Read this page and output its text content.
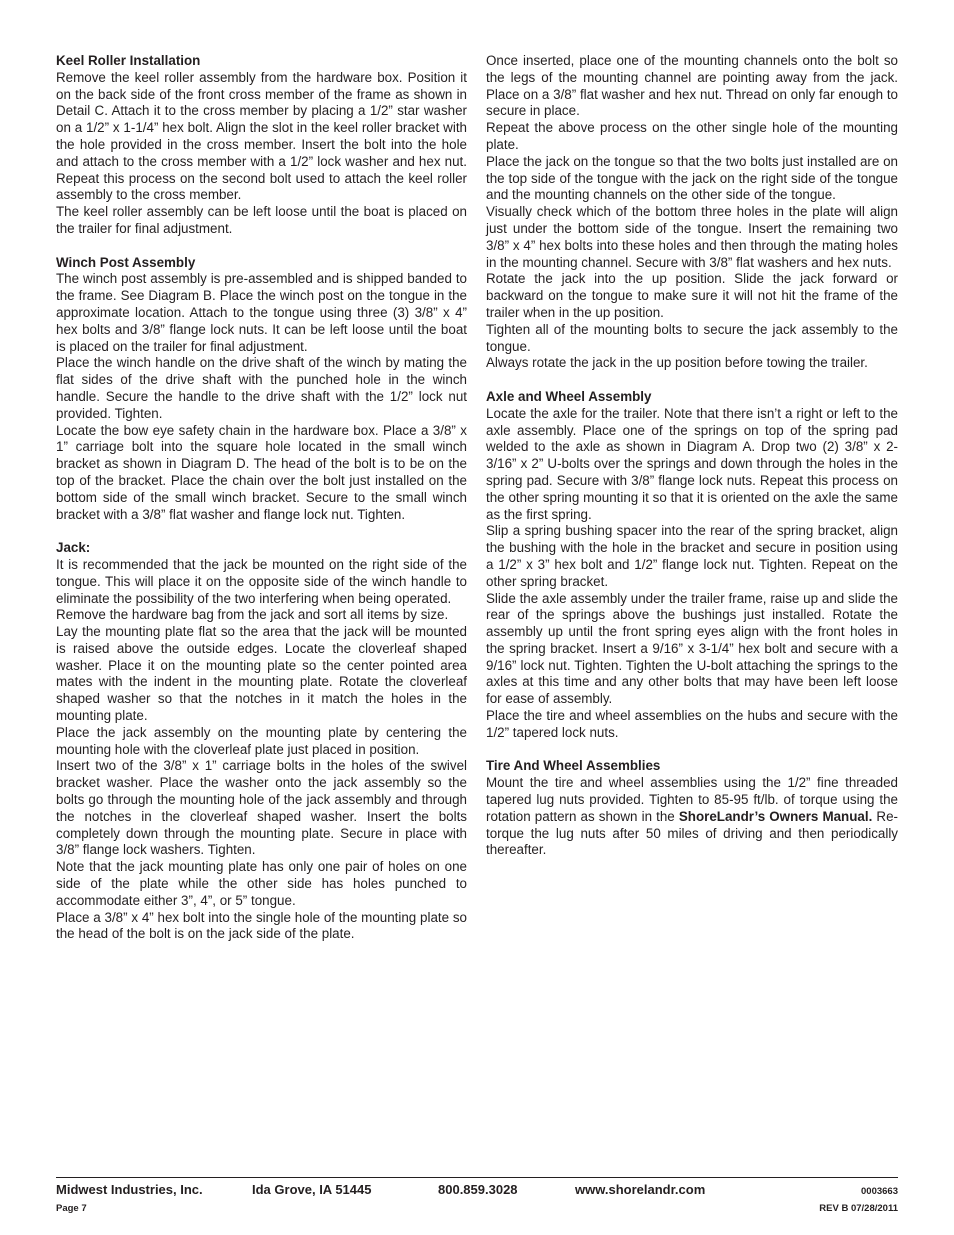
Keel Roller Installation

Remove the keel roller assembly from the hardware box. Position it on the back side of the front cross member of the frame as shown in Detail C. Attach it to the cross member by placing a 1/2” star washer on a 1/2” x 1-1/4” hex bolt. Align the slot in the keel roller bracket with the hole provided in the cross member. Insert the bolt into the hole and attach to the cross member with a 1/2” lock washer and hex nut. Repeat this process on the second bolt used to attach the keel roller assembly to the cross member.

The keel roller assembly can be left loose until the boat is placed on the trailer for final adjustment.

Winch Post Assembly

The winch post assembly is pre-assembled and is shipped banded to the frame. See Diagram B. Place the winch post on the tongue in the approximate location. Attach to the tongue using three (3) 3/8” x 4” hex bolts and 3/8” flange lock nuts. It can be left loose until the boat is placed on the trailer for final adjustment.

Place the winch handle on the drive shaft of the winch by mating the flat sides of the drive shaft with the punched hole in the winch handle. Secure the handle to the drive shaft with the 1/2” lock nut provided. Tighten.

Locate the bow eye safety chain in the hardware box. Place a 3/8” x 1” carriage bolt into the square hole located in the small winch bracket as shown in Diagram D. The head of the bolt is to be on the top of the bracket. Place the chain over the bolt just installed on the bottom side of the small winch bracket. Secure to the small winch bracket with a 3/8” flat washer and flange lock nut. Tighten.

Jack:

It is recommended that the jack be mounted on the right side of the tongue. This will place it on the opposite side of the winch handle to eliminate the possibility of the two interfering when being operated.

Remove the hardware bag from the jack and sort all items by size.

Lay the mounting plate flat so the area that the jack will be mounted is raised above the outside edges. Locate the cloverleaf shaped washer. Place it on the mounting plate so the center pointed area mates with the indent in the mounting plate. Rotate the cloverleaf shaped washer so that the notches in it match the holes in the mounting plate.

Place the jack assembly on the mounting plate by centering the mounting hole with the cloverleaf plate just placed in position.

Insert two of the 3/8” x 1” carriage bolts in the holes of the swivel bracket washer. Place the washer onto the jack assembly so the bolts go through the mounting hole of the jack assembly and through the notches in the cloverleaf shaped washer. Insert the bolts completely down through the mounting plate. Secure in place with 3/8” flange lock washers. Tighten.

Note that the jack mounting plate has only one pair of holes on one side of the plate while the other side has holes punched to accommodate either 3”, 4”, or 5” tongue.

Place a 3/8” x 4” hex bolt into the single hole of the mounting plate so the head of the bolt is on the jack side of the plate.

Once inserted, place one of the mounting channels onto the bolt so the legs of the mounting channel are pointing away from the jack. Place on a 3/8” flat washer and hex nut. Thread on only far enough to secure in place.

Repeat the above process on the other single hole of the mounting plate.

Place the jack on the tongue so that the two bolts just installed are on the top side of the tongue with the jack on the right side of the tongue and the mounting channels on the other side of the tongue.

Visually check which of the bottom three holes in the plate will align just under the bottom side of the tongue. Insert the remaining two 3/8” x 4” hex bolts into these holes and then through the mating holes in the mounting channel. Secure with 3/8” flat washers and hex nuts.

Rotate the jack into the up position. Slide the jack forward or backward on the tongue to make sure it will not hit the frame of the trailer when in the up position.

Tighten all of the mounting bolts to secure the jack assembly to the tongue.

Always rotate the jack in the up position before towing the trailer.

Axle and Wheel Assembly

Locate the axle for the trailer. Note that there isn’t a right or left to the axle assembly. Place one of the springs on top of the spring pad welded to the axle as shown in Diagram A. Drop two (2) 3/8” x 2-3/16” x 2” U-bolts over the springs and down through the holes in the spring pad. Secure with 3/8” flange lock nuts. Repeat this process on the other spring mounting it so that it is oriented on the axle the same as the first spring.

Slip a spring bushing spacer into the rear of the spring bracket, align the bushing with the hole in the bracket and secure in position using a 1/2” x 3” hex bolt and 1/2” flange lock nut. Tighten. Repeat on the other spring bracket.

Slide the axle assembly under the trailer frame, raise up and slide the rear of the springs above the bushings just installed. Rotate the assembly up until the front spring eyes align with the front holes in the spring bracket. Insert a 9/16” x 3-1/4” hex bolt and secure with a 9/16” lock nut. Tighten. Tighten the U-bolt attaching the springs to the axles at this time and any other bolts that may have been left loose for ease of assembly.

Place the tire and wheel assemblies on the hubs and secure with the 1/2” tapered lock nuts.

Tire And Wheel Assemblies

Mount the tire and wheel assemblies using the 1/2” fine threaded tapered lug nuts provided. Tighten to 85-95 ft/lb. of torque using the rotation pattern as shown in the ShoreLandr’s Owners Manual. Re-torque the lug nuts after 50 miles of driving and then periodically thereafter.

Midwest Industries, Inc.	Ida Grove, IA 51445	800.859.3028	www.shorelandr.com	0003663
Page 7	REV B 07/28/2011
